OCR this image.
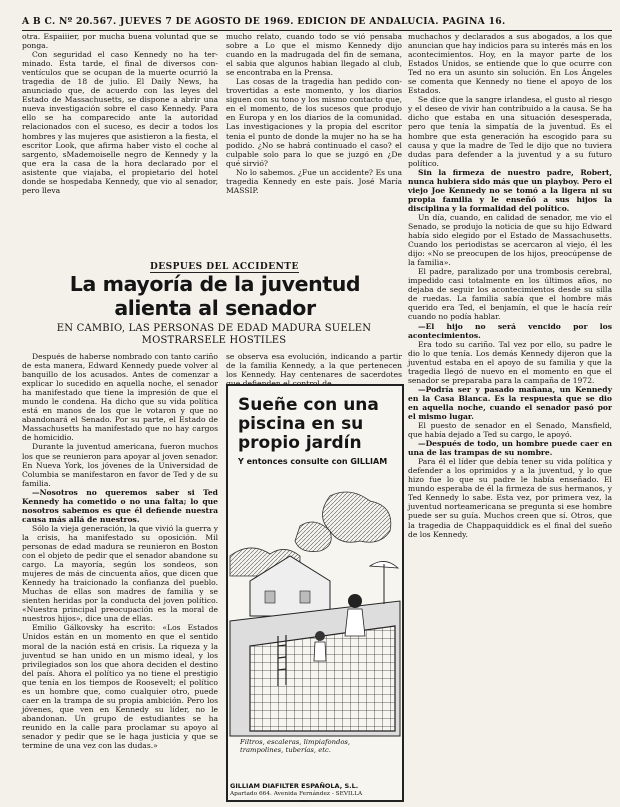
A B C. Nº 20.567. JUEVES 7 DE AGOSTO DE 1969. EDICION DE ANDALUCIA. PAGINA 16.

otra. Espaiiier, por mucha buena voluntad que se ponga.

Con seguridad el caso Kennedy no ha terminado. Esta tarde, el final de diversos conventículos que se ocupan de la muerte ocurrió la tragedia de 18 de julio. El Daily News, ha anunciado que, de acuerdo con las leyes del Estado de Massachusetts, se dispone a abrir una nueva investigación sobre el caso Kennedy. Para ello se ha comparecido ante la autoridad relacionados con el suceso, es decir a todos los hombres y las mujeres que asistieron a la fiesta, el escritor Look, que afirma haber visto el coche al sargento, sMademoiselle negro de Kennedy y la que era la casa de la hora declarado por el asistente que viajaba, el propietario del hotel donde se hospedaba Kennedy, que vio al senador, pero lleva

mucho relato, cuando todo se vió pensaba sobre a Lo que el mismo Kennedy dijo cuando en la madrugada del fin de semana, el sabia que algunos habian llegado al club, se encontraba en la Prensa.

Las cosas de la tragedia han pedido controvertidas a este momento, y los diarios siguen con su tono y los mismo contacto que, en el momento, de los sucesos que produjo en Europa y en los diarios de la comunidad. Las investigaciones y la propia del escritor tenia el punto de donde la mujer no ha se ha podido. ¿No se habrá continuado el caso? el culpable solo para lo que se juzgó en ¿De qué sirvió?

No lo sabemos. ¿Fue un accidente? Es una tragedia Kennedy en este país. José María MASSIP.

muchachos y declarados a sus abogados, a los que anuncian que hay indicios para su interés más en los acontecimientos. Hoy, en la mayor parte de los Estados Unidos, se entiende que lo que ocurre con Ted no era un asunto sin solución. En Los Ángeles se comenta que Kennedy no tiene el apoyo de los Estados.

Se dice que la sangre irlandesa, el gusto al riesgo y el deseo de vivir han contribuido a la causa. Se ha dicho que estaba en una situación desesperada, pero que tenía la simpatía de la juventud. Es el hombre que esta generación ha escogido para su causa y que la madre de Ted le dijo que no tuviera dudas para defender a la juventud y a su futuro político.

Sin la firmeza de nuestro padre, Robert, nunca hubiera sido más que un playboy. Pero el viejo Joe Kennedy no se tomó a la ligera ni su propia familia y le enseñó a sus hijos la disciplina y la formalidad del político.

Un día, cuando, en calidad de senador, me vio el Senado, se produjo la noticia de que su hijo Edward había sido elegido por el Estado de Massachusetts. Cuando los periodistas se acercaron al viejo, él les dijo: «No se preocupen de los hijos, preocúpense de la familia».

El padre, paralizado por una trombosis cerebral, impedido casi totalmente en los últimos años, no dejaba de seguir los acontecimientos desde su silla de ruedas. La familia sabía que el hombre más querido era Ted, el benjamín, el que le hacía reír cuando no podía hablar.

—El hijo no será vencido por los acontecimientos.

Era todo su cariño. Tal vez por ello, su padre le dio lo que tenía. Los demás Kennedy dijeron que la juventud estaba en el apoyo de su familia y que la tragedia llegó de nuevo en el momento en que el senador se preparaba para la campaña de 1972.

—Podría ser y pasado mañana, un Kennedy en la Casa Blanca. Es la respuesta que se dio en aquella noche, cuando el senador pasó por el mismo lugar.

El puesto de senador en el Senado, Mansfield, que había dejado a Ted su cargo, le apoyó.

—Después de todo, un hombre puede caer en una de las trampas de su nombre.

Para él el líder que debía tener su vida política y defender a los oprimidos y a la juventud, y lo que hizo fue lo que su padre le había enseñado. El mundo esperaba de él la firmeza de sus hermanos, y Ted Kennedy lo sabe. Esta vez, por primera vez, la juventud norteamericana se pregunta si ese hombre puede ser su guía. Muchos creen que sí. Otros, que la tragedia de Chappaquiddick es el final del sueño de los Kennedy.

DESPUES DEL ACCIDENTE
La mayoría de la juventud alienta al senador
EN CAMBIO, LAS PERSONAS DE EDAD MADURA SUELEN MOSTRARSELE HOSTILES

Después de haberse nombrado con tanto cariño de esta manera, Edward Kennedy puede volver al banquillo de los acusados. Antes de comenzar a explicar lo sucedido en aquella noche, el senador ha manifestado que tiene la impresión de que el mundo le condena. Ha dicho que su vida política está en manos de los que le votaron y que no abandonará el Senado. Por su parte, el Estado de Massachusetts ha manifestado que no hay cargos de homicidio.

Durante la juventud americana, fueron muchos los que se reunieron para apoyar al joven senador. En Nueva York, los jóvenes de la Universidad de Columbia se manifestaron en favor de Ted y de su familia.

—Nosotros no queremos saber si Ted Kennedy ha cometido o no una falta; lo que nosotros sabemos es que él defiende nuestra causa más allá de nuestros.

Sólo la vieja generación, la que vivió la guerra y la crisis, ha manifestado su oposición. Mil personas de edad madura se reunieron en Boston con el objeto de pedir que el senador abandone su cargo. La mayoría, según los sondeos, son mujeres de más de cincuenta años, que dicen que Kennedy ha traicionado la confianza del pueblo. Muchas de ellas son madres de familia y se sienten heridas por la conducta del joven político. «Nuestra principal preocupación es la moral de nuestros hijos», dice una de ellas.

Emilio Gálkovsky ha escrito: «Los Estados Unidos están en un momento en que el sentido moral de la nación está en crisis. La riqueza y la juventud se han unido en un mismo ideal, y los privilegiados son los que ahora deciden el destino del país. Ahora el político ya no tiene el prestigio que tenía en los tiempos de Roosevelt; el político es un hombre que, como cualquier otro, puede caer en la trampa de su propia ambición. Pero los jóvenes, que ven en Kennedy su líder, no le abandonan. Un grupo de estudiantes se ha reunido en la calle para proclamar su apoyo al senador y pedir que se le haga justicia y que se termine de una vez con las dudas.»

se observa esa evolución, indicando a partir de la familia Kennedy, a la que pertenecen los Kennedy. Hay centenares de sacerdotes

Sueñe con una piscina en su propio jardín
Y entonces consulte con GILLIAM
Filtros, escaleras, limpiafondos, trampolines, tuberías, etc.
GILLIAM DIAFILTER ESPAÑOLA, S.L.
Apartado 664. Avenida Fernández - SEVILLA
—
